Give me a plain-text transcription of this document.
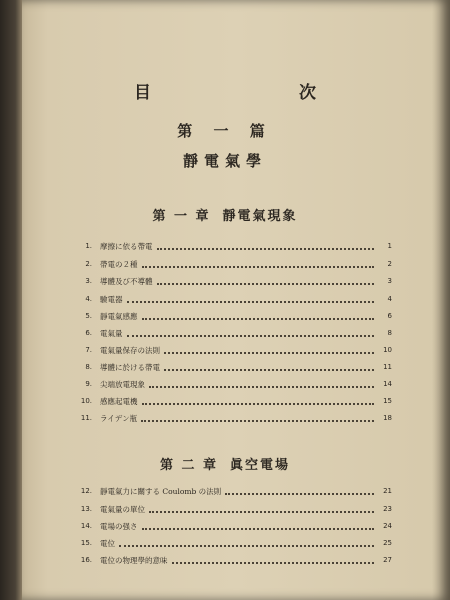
目　　次
第 一 篇
靜電氣學
第 一 章 靜電氣現象
1. 摩擦に依る帶電	1
2. 帶電の２種	2
3. 導體及び不導體	3
4. 驗電器	4
5. 靜電氣感應	6
6. 電氣量	8
7. 電氣量保存の法則	10
8. 導體に於ける帶電	11
9. 尖端放電現象	14
10. 感應起電機	15
11. ライデン瓶	18
第 二 章 眞空電場
12. 靜電氣力に關する Coulomb の法則	21
13. 電氣量の單位	23
14. 電場の强さ	24
15. 電位	25
16. 電位の物理學的意味	27
